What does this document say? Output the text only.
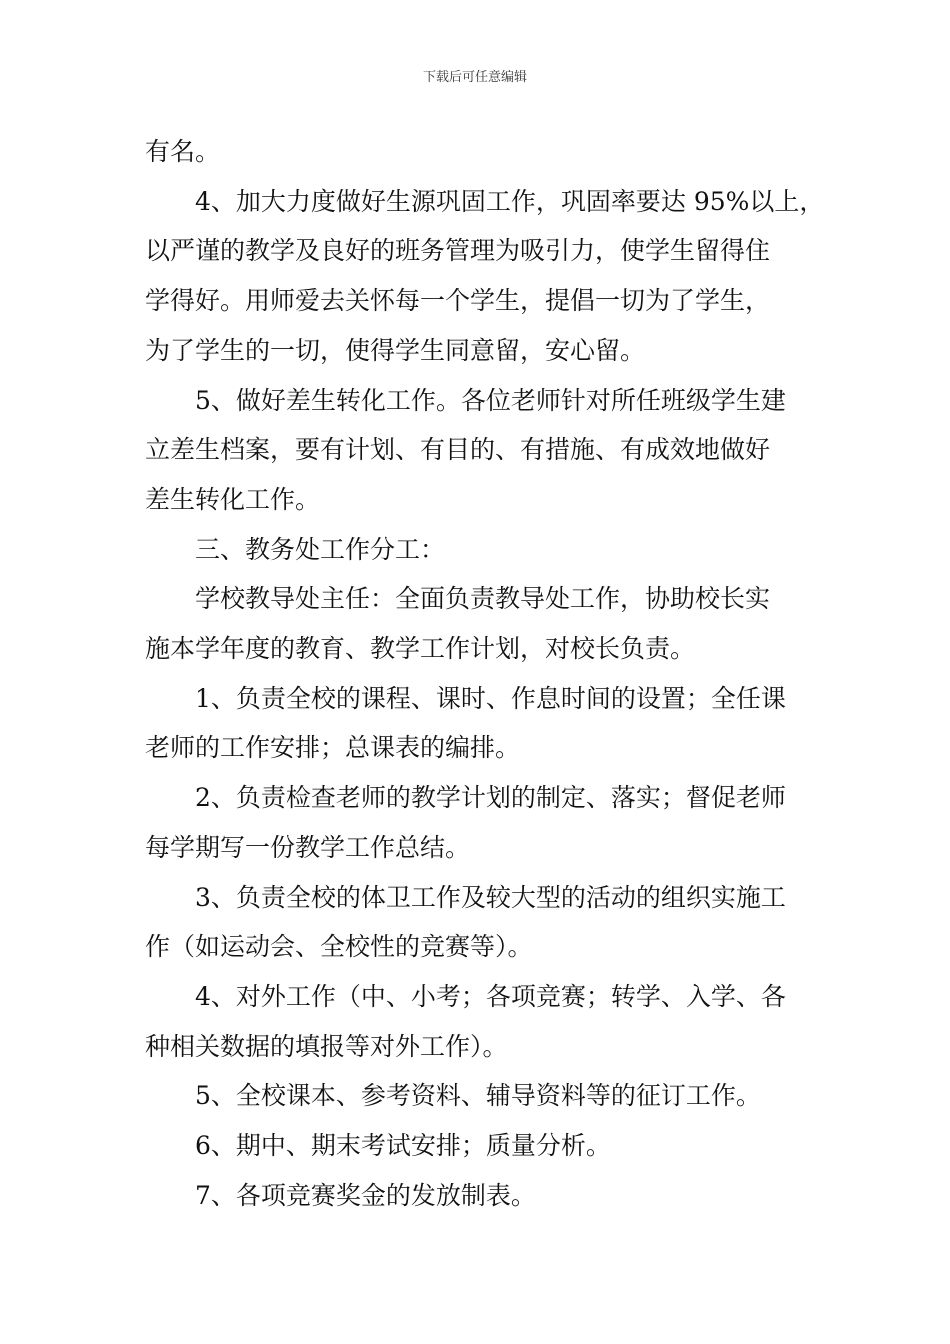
下载后可任意编辑
有名。
4、加大力度做好生源巩固工作，巩固率要达 95%以上，
以严谨的教学及良好的班务管理为吸引力，使学生留得住
学得好。用师爱去关怀每一个学生，提倡一切为了学生，
为了学生的一切，使得学生同意留，安心留。
5、做好差生转化工作。各位老师针对所任班级学生建
立差生档案，要有计划、有目的、有措施、有成效地做好
差生转化工作。
三、教务处工作分工：
学校教导处主任：全面负责教导处工作，协助校长实
施本学年度的教育、教学工作计划，对校长负责。
1、负责全校的课程、课时、作息时间的设置；全任课
老师的工作安排；总课表的编排。
2、负责检查老师的教学计划的制定、落实；督促老师
每学期写一份教学工作总结。
3、负责全校的体卫工作及较大型的活动的组织实施工
作（如运动会、全校性的竞赛等）。
4、对外工作（中、小考；各项竞赛；转学、入学、各
种相关数据的填报等对外工作）。
5、全校课本、参考资料、辅导资料等的征订工作。
6、期中、期末考试安排；质量分析。
7、各项竞赛奖金的发放制表。
